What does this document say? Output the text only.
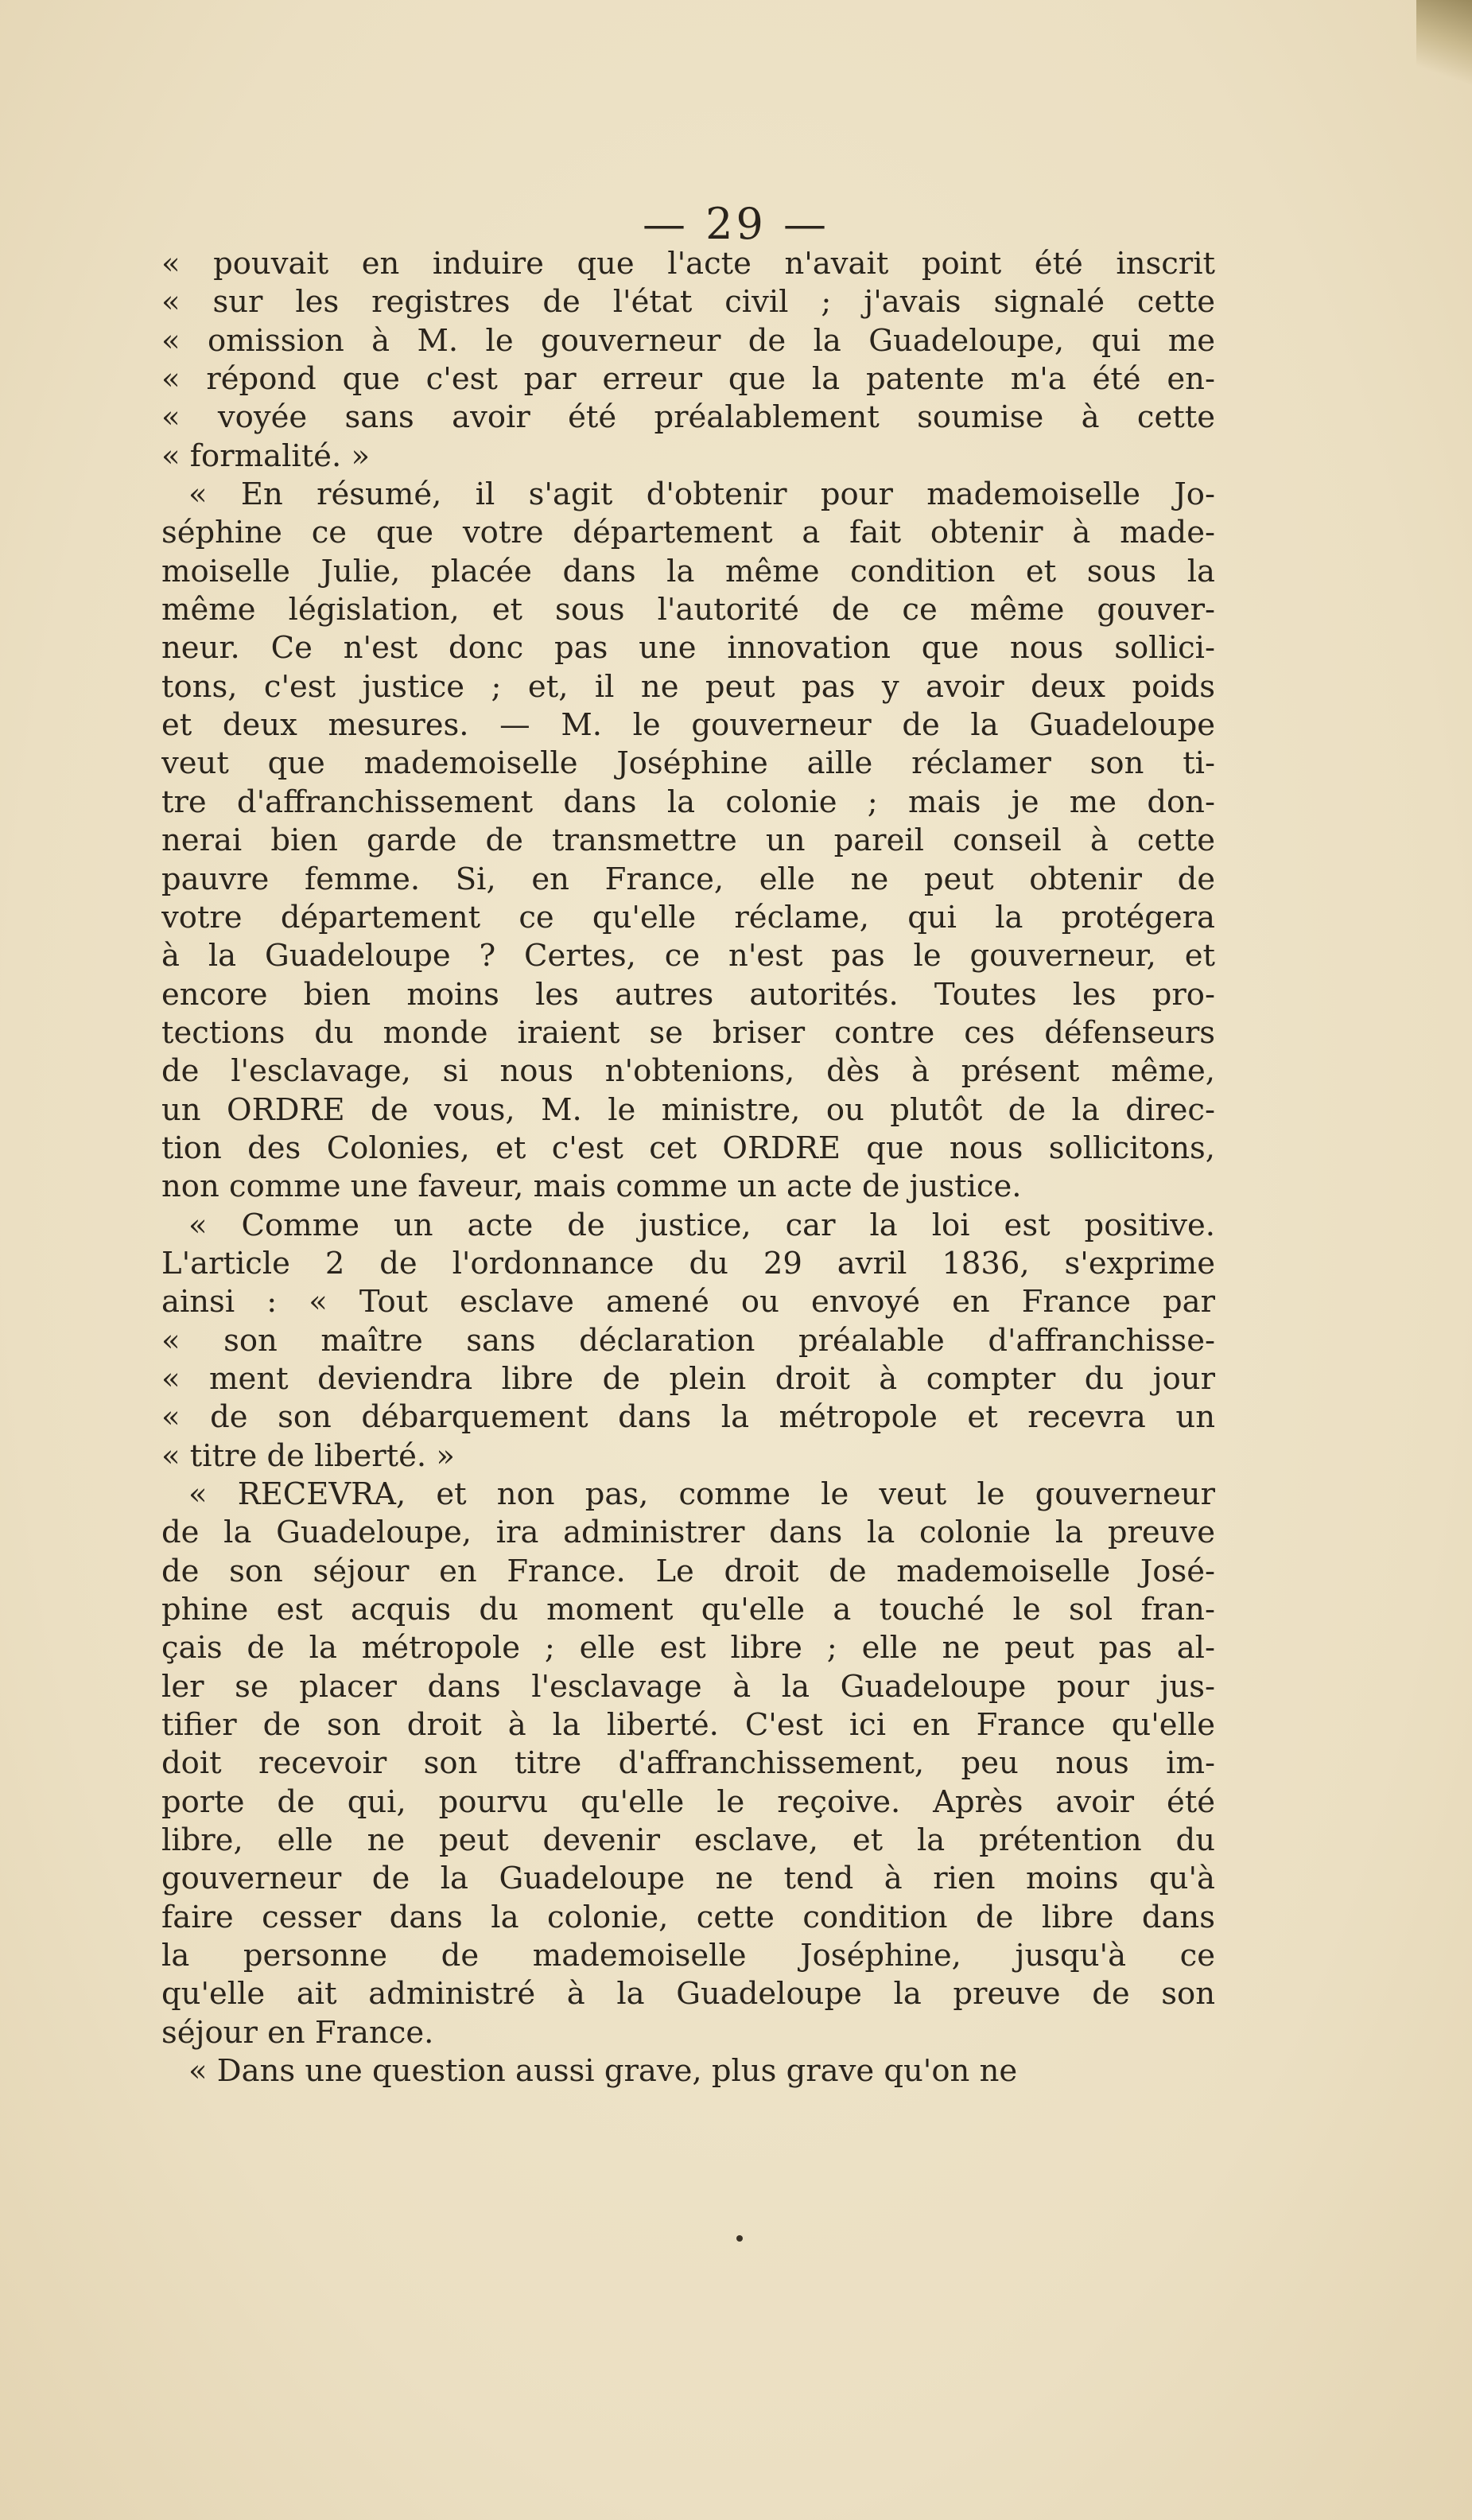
— 29 —
« pouvait en induire que l'acte n'avait point été inscrit
« sur les registres de l'état civil ; j'avais signalé cette
« omission à M. le gouverneur de la Guadeloupe, qui me
« répond que c'est par erreur que la patente m'a été en-
« voyée sans avoir été préalablement soumise à cette
« formalité. »
« En résumé, il s'agit d'obtenir pour mademoiselle Jo-
séphine ce que votre département a fait obtenir à made-
moiselle Julie, placée dans la même condition et sous la
même législation, et sous l'autorité de ce même gouver-
neur. Ce n'est donc pas une innovation que nous sollici-
tons, c'est justice ; et, il ne peut pas y avoir deux poids
et deux mesures. — M. le gouverneur de la Guadeloupe
veut que mademoiselle Joséphine aille réclamer son ti-
tre d'affranchissement dans la colonie ; mais je me don-
nerai bien garde de transmettre un pareil conseil à cette
pauvre femme. Si, en France, elle ne peut obtenir de
votre département ce qu'elle réclame, qui la protégera
à la Guadeloupe ? Certes, ce n'est pas le gouverneur, et
encore bien moins les autres autorités. Toutes les pro-
tections du monde iraient se briser contre ces défenseurs
de l'esclavage, si nous n'obtenions, dès à présent même,
un ORDRE de vous, M. le ministre, ou plutôt de la direc-
tion des Colonies, et c'est cet ORDRE que nous sollicitons,
non comme une faveur, mais comme un acte de justice.
« Comme un acte de justice, car la loi est positive.
L'article 2 de l'ordonnance du 29 avril 1836, s'exprime
ainsi : « Tout esclave amené ou envoyé en France par
« son maître sans déclaration préalable d'affranchisse-
« ment deviendra libre de plein droit à compter du jour
« de son débarquement dans la métropole et recevra un
« titre de liberté. »
« RECEVRA, et non pas, comme le veut le gouverneur
de la Guadeloupe, ira administrer dans la colonie la preuve
de son séjour en France. Le droit de mademoiselle José-
phine est acquis du moment qu'elle a touché le sol fran-
çais de la métropole ; elle est libre ; elle ne peut pas al-
ler se placer dans l'esclavage à la Guadeloupe pour jus-
tifier de son droit à la liberté. C'est ici en France qu'elle
doit recevoir son titre d'affranchissement, peu nous im-
porte de qui, pourvu qu'elle le reçoive. Après avoir été
libre, elle ne peut devenir esclave, et la prétention du
gouverneur de la Guadeloupe ne tend à rien moins qu'à
faire cesser dans la colonie, cette condition de libre dans
la personne de mademoiselle Joséphine, jusqu'à ce
qu'elle ait administré à la Guadeloupe la preuve de son
séjour en France.
« Dans une question aussi grave, plus grave qu'on ne
